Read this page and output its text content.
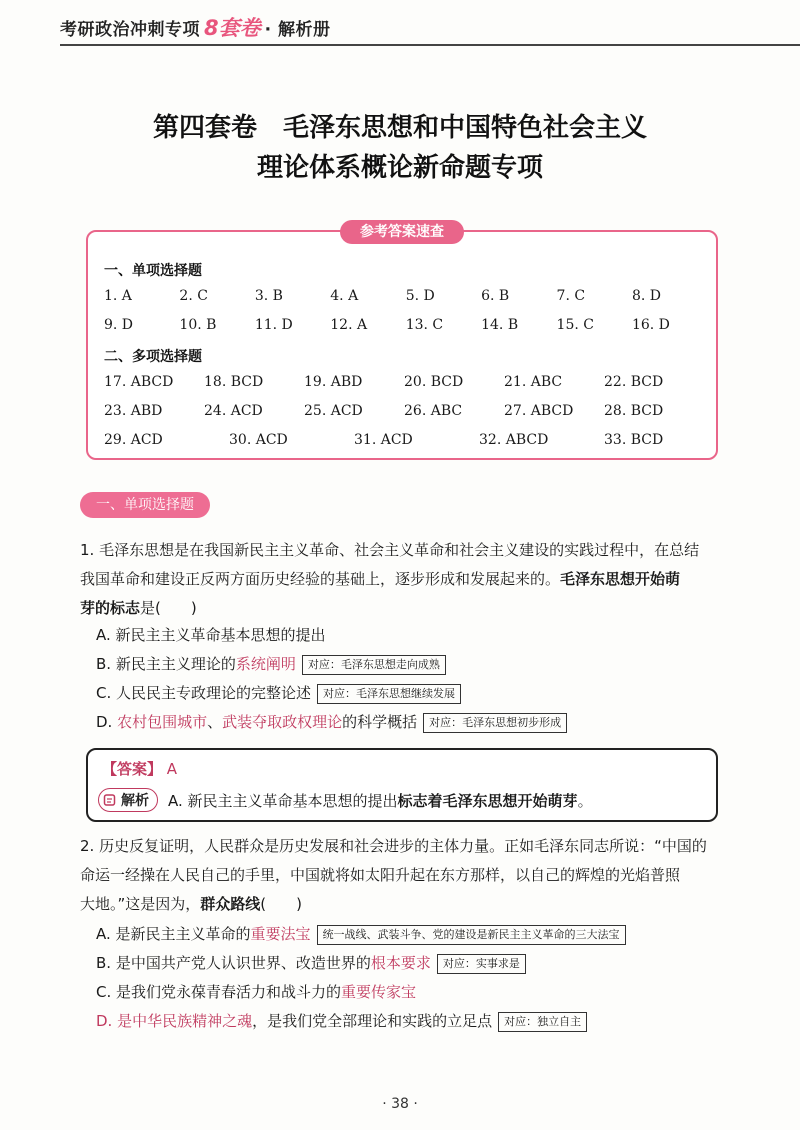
考研政治冲刺专项 8套卷 · 解析册
第四套卷　毛泽东思想和中国特色社会主义
理论体系概论新命题专项
参考答案速查
一、单项选择题
1. A	2. C	3. B	4. A	5. D	6. B	7. C	8. D
9. D	10. B	11. D	12. A	13. C	14. B	15. C	16. D
二、多项选择题
17. ABCD	18. BCD	19. ABD	20. BCD	21. ABC	22. BCD
23. ABD	24. ACD	25. ACD	26. ABC	27. ABCD	28. BCD
29. ACD	30. ACD	31. ACD	32. ABCD	33. BCD
一、单项选择题
1. 毛泽东思想是在我国新民主主义革命、社会主义革命和社会主义建设的实践过程中，在总结
我国革命和建设正反两方面历史经验的基础上，逐步形成和发展起来的。毛泽东思想开始萌
芽的标志是(　　)
A. 新民主主义革命基本思想的提出
B. 新民主主义理论的系统阐明 对应：毛泽东思想走向成熟
C. 人民民主专政理论的完整论述 对应：毛泽东思想继续发展
D. 农村包围城市、武装夺取政权理论的科学概括 对应：毛泽东思想初步形成
【答案】 A
解析 A. 新民主主义革命基本思想的提出 标志着毛泽东思想开始萌芽 。
2. 历史反复证明，人民群众是历史发展和社会进步的主体力量。正如毛泽东同志所说：“中国的
命运一经操在人民自己的手里，中国就将如太阳升起在东方那样，以自己的辉煌的光焰普照
大地。”这是因为，群众路线(　　)
A. 是新民主主义革命的重要法宝 统一战线、武装斗争、党的建设是新民主主义革命的三大法宝
B. 是中国共产党人认识世界、改造世界的根本要求 对应：实事求是
C. 是我们党永葆青春活力和战斗力的重要传家宝
D. 是中华民族精神之魂，是我们党全部理论和实践的立足点 对应：独立自主
· 38 ·
